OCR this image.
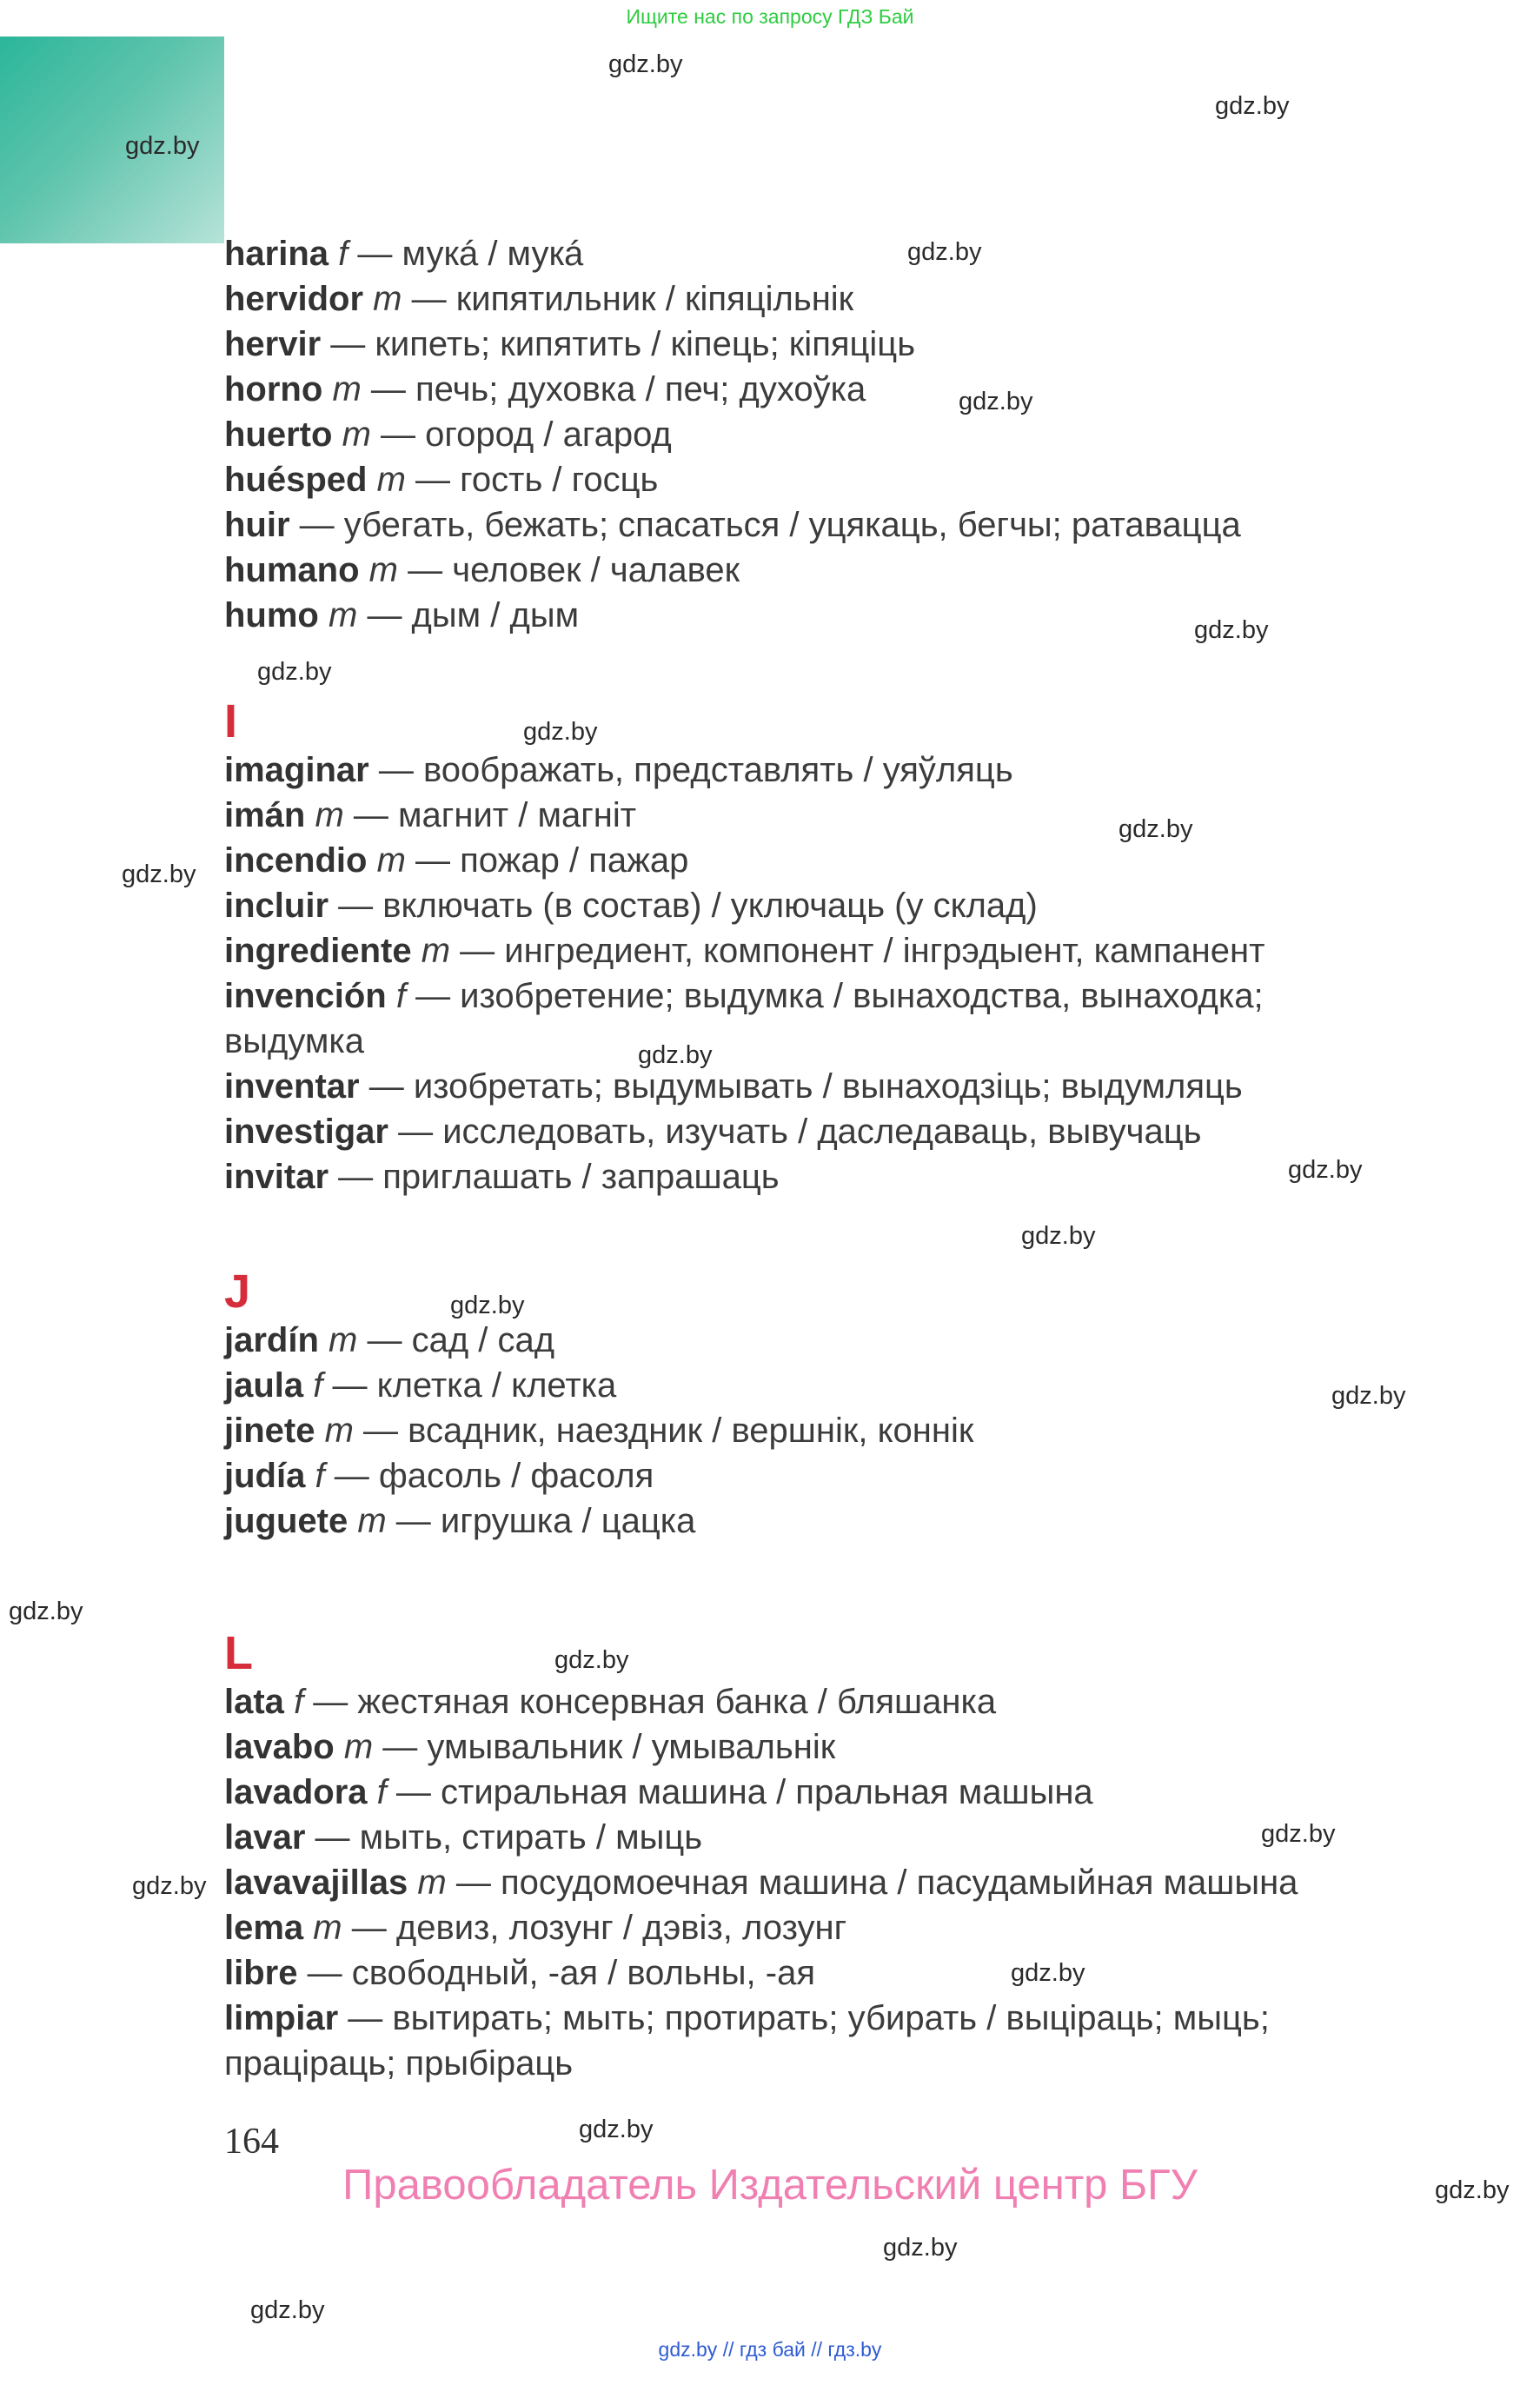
Ищите нас по запросу ГДЗ Бай
gdz.by
gdz.by
gdz.by
gdz.by
gdz.by
gdz.by
gdz.by
gdz.by
gdz.by
gdz.by
gdz.by
gdz.by
gdz.by
gdz.by
gdz.by
gdz.by
gdz.by
gdz.by
gdz.by
gdz.by
gdz.by
gdz.by
gdz.by
gdz.by
harina f — мукá / мукá
hervidor m — кипятильник / кіпяцільнік
hervir — кипеть; кипятить / кіпець; кіпяціць
horno m — печь; духовка / печ; духоўка
huerto m — огород / агарод
huésped m — гость / госць
huir — убегать, бежать; спасаться / уцякаць, бегчы; ратавацца
humano m — человек / чалавек
humo m — дым / дым
I
imaginar — воображать, представлять / уяўляць
imán m — магнит / магніт
incendio m — пожар / пажар
incluir — включать (в состав) / уключаць (у склад)
ingrediente m — ингредиент, компонент / інгрэдыент, кампанент
invención f — изобретение; выдумка / вынаходства, вынаходка; выдумка
inventar — изобретать; выдумывать / вынаходзіць; выдумляць
investigar — исследовать, изучать / даследаваць, вывучаць
invitar — приглашать / запрашаць
J
jardín m — сад / сад
jaula f — клетка / клетка
jinete m — всадник, наездник / вершнік, коннік
judía f — фасоль / фасоля
juguete m — игрушка / цацка
L
lata f — жестяная консервная банка / бляшанка
lavabo m — умывальник / умывальнік
lavadora f — стиральная машина / пральная машына
lavar — мыть, стирать / мыць
lavavajillas m — посудомоечная машина / пасудамыйная машына
lema m — девиз, лозунг / дэвіз, лозунг
libre — свободный, -ая / вольны, -ая
limpiar — вытирать; мыть; протирать; убирать / выціраць; мыць; праціраць; прыбіраць
164
Правообладатель Издательский центр БГУ
gdz.by // гдз бай // гдз.by
